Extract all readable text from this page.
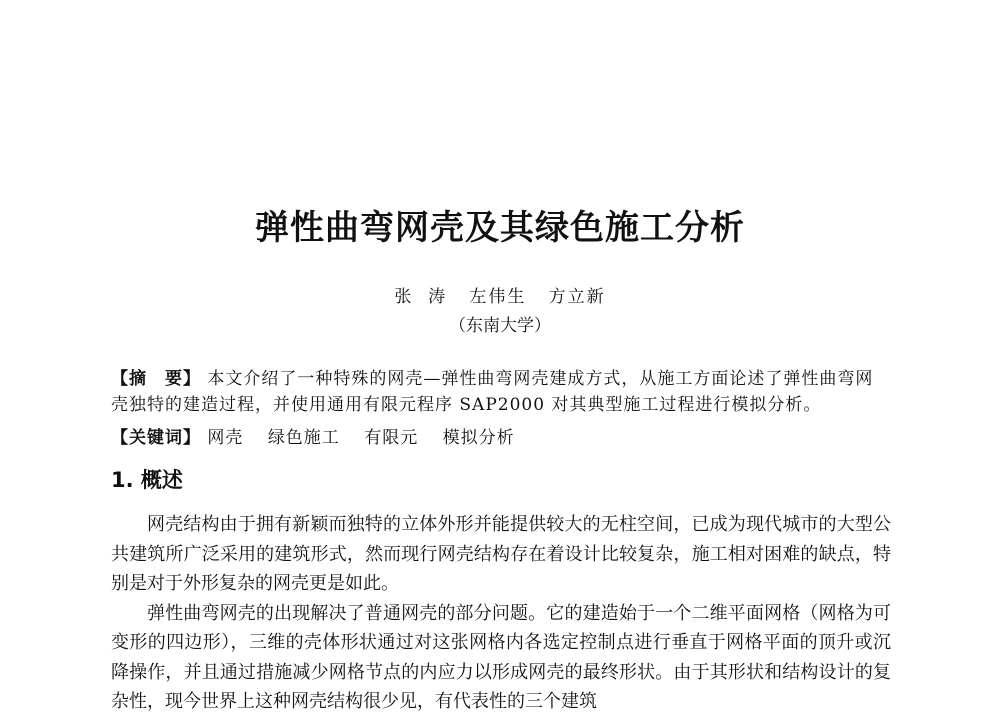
弹性曲弯网壳及其绿色施工分析
张  涛   左伟生   方立新
（东南大学）
【摘　要】 本文介绍了一种特殊的网壳—弹性曲弯网壳建成方式，从施工方面论述了弹性曲弯网壳独特的建造过程，并使用通用有限元程序 SAP2000 对其典型施工过程进行模拟分析。
【关键词】 网壳 绿色施工 有限元 模拟分析
1. 概述

网壳结构由于拥有新颖而独特的立体外形并能提供较大的无柱空间，已成为现代城市的大型公共建筑所广泛采用的建筑形式，然而现行网壳结构存在着设计比较复杂，施工相对困难的缺点，特别是对于外形复杂的网壳更是如此。

弹性曲弯网壳的出现解决了普通网壳的部分问题。它的建造始于一个二维平面网格（网格为可变形的四边形），三维的壳体形状通过对这张网格内各选定控制点进行垂直于网格平面的顶升或沉降操作，并且通过措施减少网格节点的内应力以形成网壳的最终形状。由于其形状和结构设计的复杂性，现今世界上这种网壳结构很少见，有代表性的三个建筑
